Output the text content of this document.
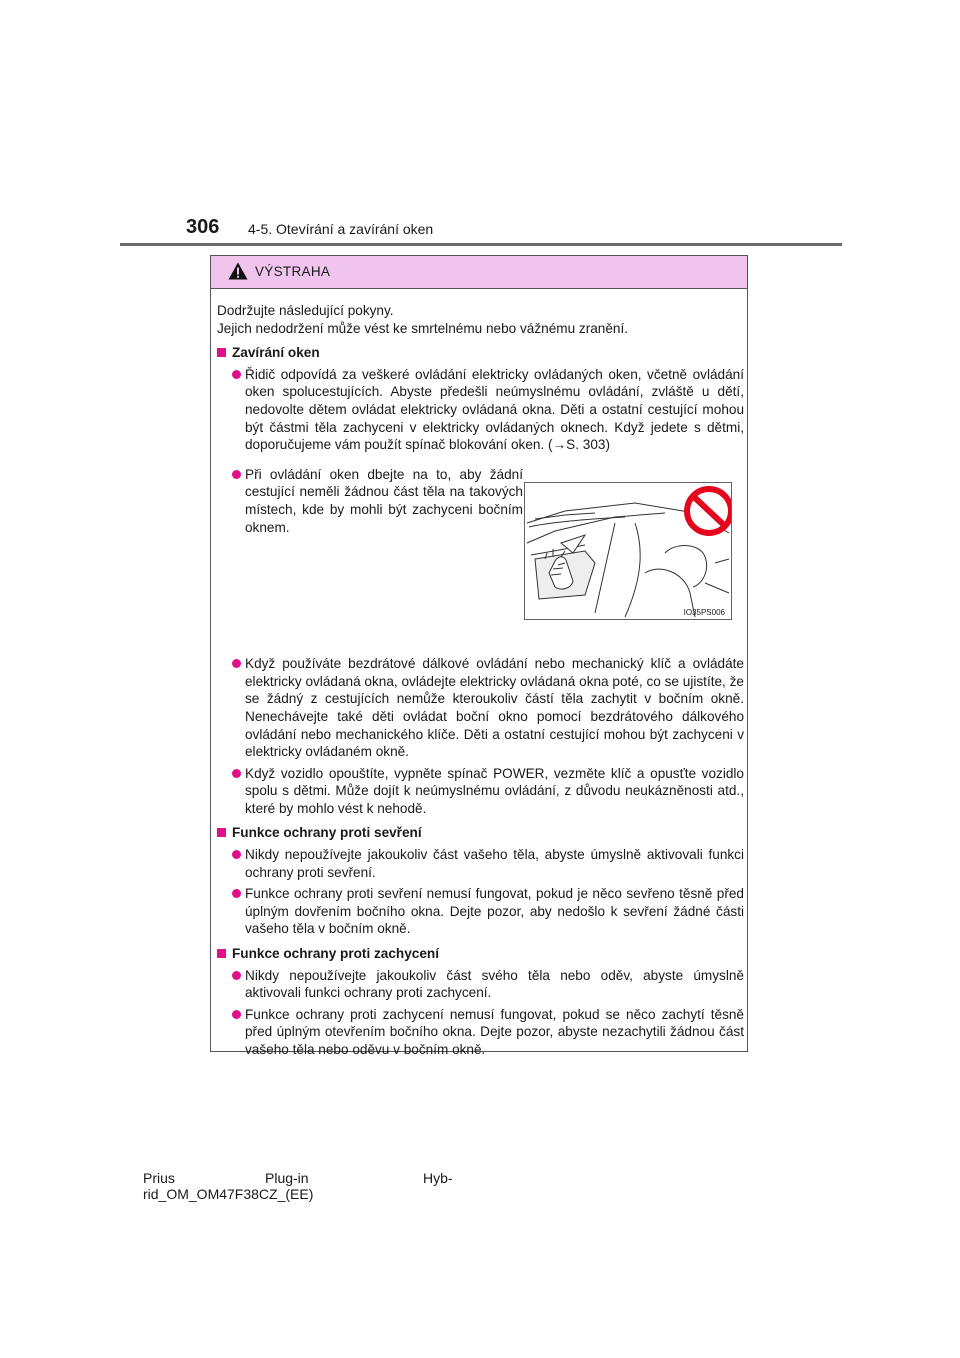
306 4-5. Otevírání a zavírání oken
VÝSTRAHA

Dodržujte následující pokyny.

Jejich nedodržení může vést ke smrtelnému nebo vážnému zranění.

Zavírání oken
Řidič odpovídá za veškeré ovládání elektricky ovládaných oken, včetně ovládání oken spolucestujících. Abyste předešli neúmyslnému ovládání, zvláště u dětí, nedovolte dětem ovládat elektricky ovládaná okna. Děti a ostatní cestující mohou být částmi těla zachyceni v elektricky ovládaných oknech. Když jedete s dětmi, doporučujeme vám použít spínač blokování oken. (→S. 303)
Při ovládání oken dbejte na to, aby žádní cestující neměli žádnou část těla na takových místech, kde by mohli být zachyceni bočním oknem.
Když používáte bezdrátové dálkové ovládání nebo mechanický klíč a ovládáte elektricky ovládaná okna, ovládejte elektricky ovládaná okna poté, co se ujistíte, že se žádný z cestujících nemůže kteroukoliv částí těla zachytit v bočním okně. Nenechávejte také děti ovládat boční okno pomocí bezdrátového dálkového ovládání nebo mechanického klíče. Děti a ostatní cestující mohou být zachyceni v elektricky ovládaném okně.
Když vozidlo opouštíte, vypněte spínač POWER, vezměte klíč a opusťte vozidlo spolu s dětmi. Může dojít k neúmyslnému ovládání, z důvodu neukázněnosti atd., které by mohlo vést k nehodě.
Funkce ochrany proti sevření
Nikdy nepoužívejte jakoukoliv část vašeho těla, abyste úmyslně aktivovali funkci ochrany proti sevření.
Funkce ochrany proti sevření nemusí fungovat, pokud je něco sevřeno těsně před úplným dovřením bočního okna. Dejte pozor, aby nedošlo k sevření žádné části vašeho těla v bočním okně.
Funkce ochrany proti zachycení
Nikdy nepoužívejte jakoukoliv část svého těla nebo oděv, abyste úmyslně aktivovali funkci ochrany proti zachycení.
Funkce ochrany proti zachycení nemusí fungovat, pokud se něco zachytí těsně před úplným otevřením bočního okna. Dejte pozor, abyste nezachytili žádnou část vašeho těla nebo oděvu v bočním okně.
IO35PS006
Prius	Plug-in	Hyb-
rid_OM_OM47F38CZ_(EE)
